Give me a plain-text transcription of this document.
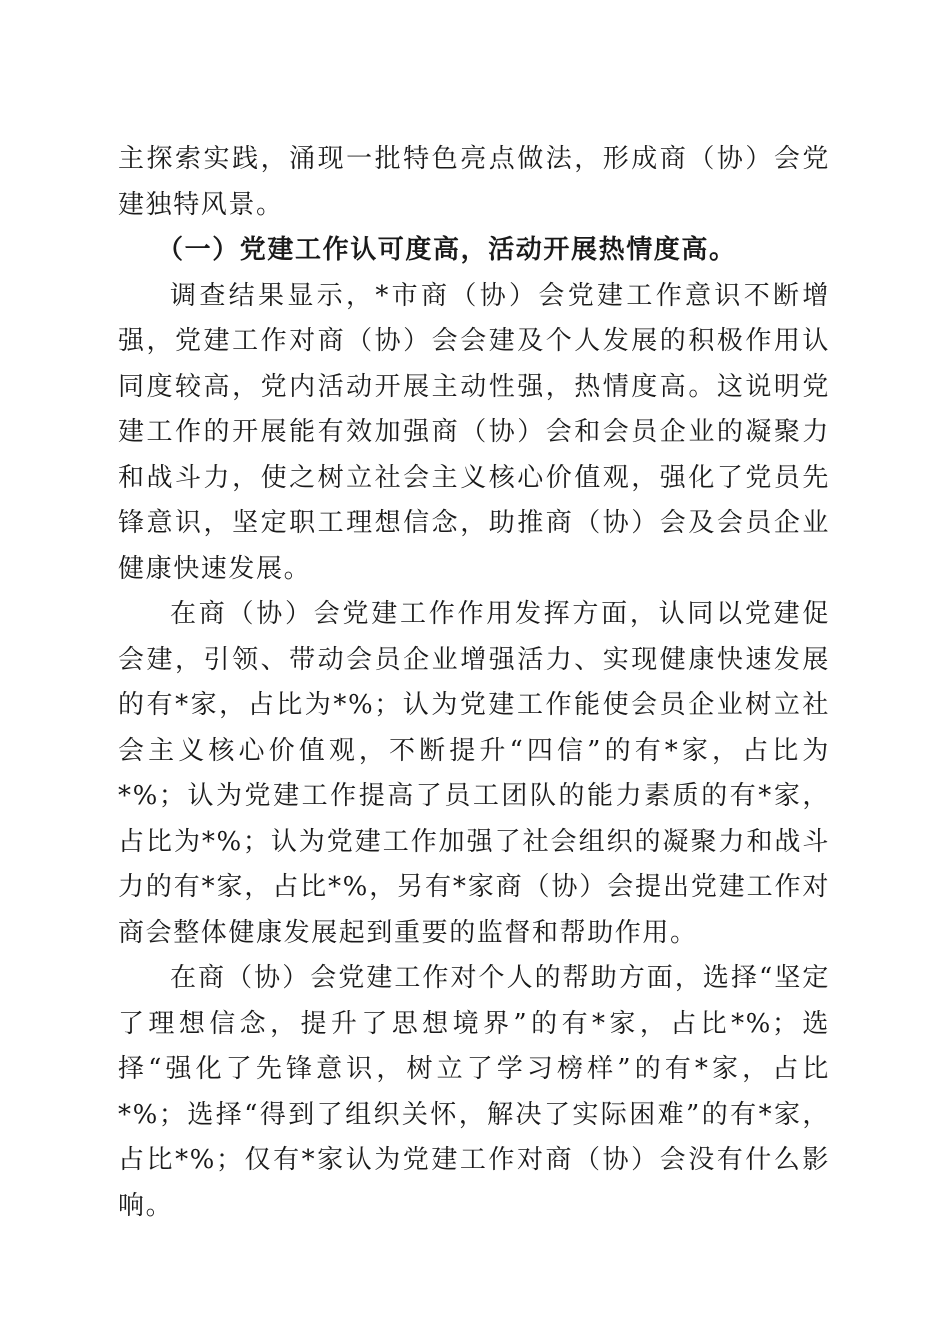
主探索实践，涌现一批特色亮点做法，形成商（协）会党建独特风景。

（一）党建工作认可度高，活动开展热情度高。

调查结果显示，*市商（协）会党建工作意识不断增强，党建工作对商（协）会会建及个人发展的积极作用认同度较高，党内活动开展主动性强，热情度高。这说明党建工作的开展能有效加强商（协）会和会员企业的凝聚力和战斗力，使之树立社会主义核心价值观，强化了党员先锋意识，坚定职工理想信念，助推商（协）会及会员企业健康快速发展。

在商（协）会党建工作作用发挥方面，认同以党建促会建，引领、带动会员企业增强活力、实现健康快速发展的有*家，占比为*%；认为党建工作能使会员企业树立社会主义核心价值观，不断提升“四信”的有*家，占比为*%；认为党建工作提高了员工团队的能力素质的有*家，占比为*%；认为党建工作加强了社会组织的凝聚力和战斗力的有*家，占比*%，另有*家商（协）会提出党建工作对商会整体健康发展起到重要的监督和帮助作用。

在商（协）会党建工作对个人的帮助方面，选择“坚定了理想信念，提升了思想境界”的有*家，占比*%；选择“强化了先锋意识，树立了学习榜样”的有*家，占比*%；选择“得到了组织关怀，解决了实际困难”的有*家，占比*%；仅有*家认为党建工作对商（协）会没有什么影响。
